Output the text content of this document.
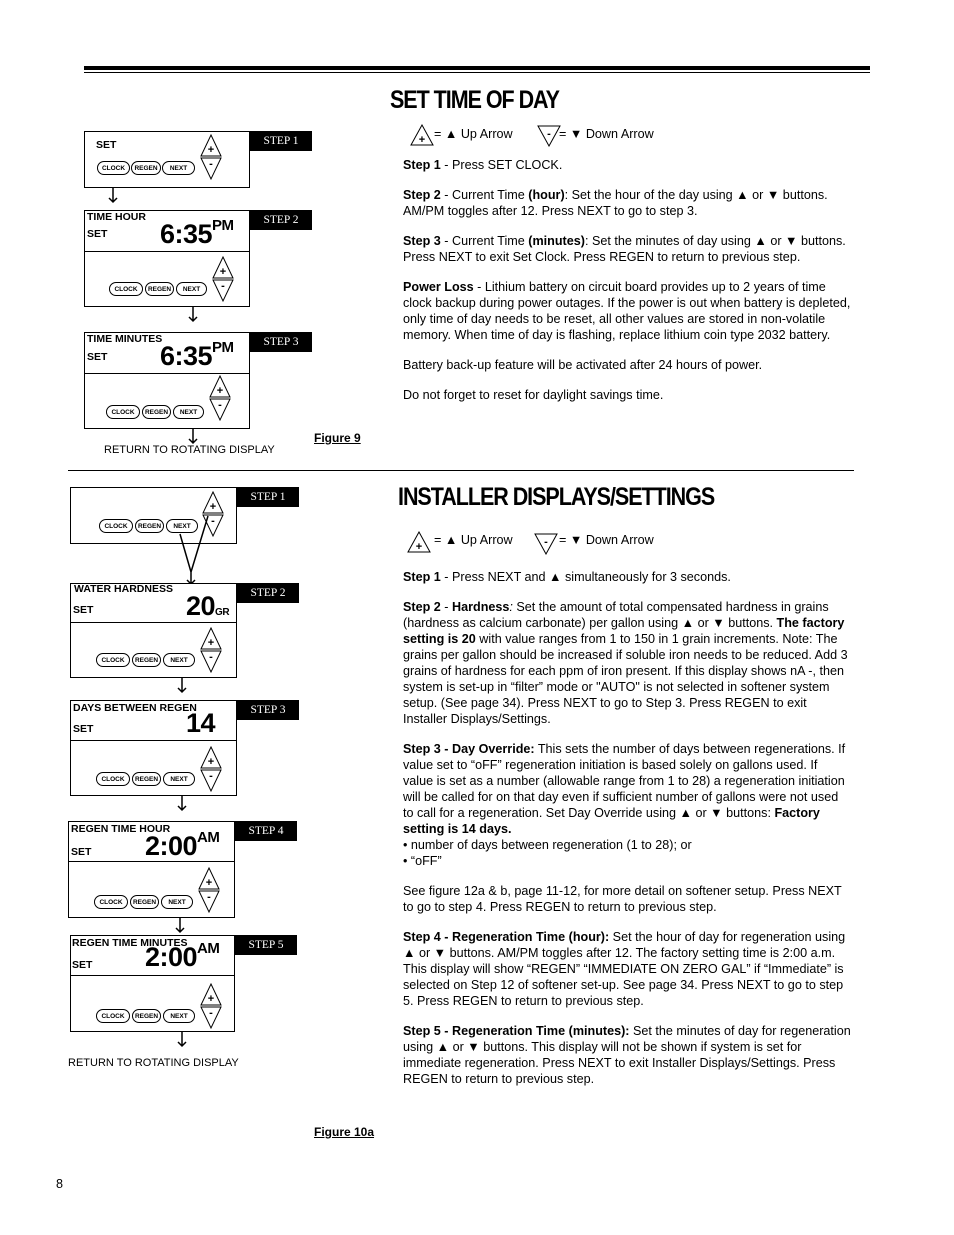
SET TIME OF DAY
+ = ▲ Up Arrow	- = ▼ Down Arrow

Step 1 - Press SET CLOCK.

Step 2 - Current Time (hour): Set the hour of the day using ▲ or ▼ buttons. AM/PM toggles after 12. Press NEXT to go to step 3.

Step 3 - Current Time (minutes): Set the minutes of day using ▲ or ▼ buttons. Press NEXT to exit Set Clock. Press REGEN to return to previous step.

Power Loss - Lithium battery on circuit board provides up to 2 years of time clock backup during power outages. If the power is out when battery is depleted, only time of day needs to be reset, all other values are stored in non-volatile memory. When time of day is flashing, replace lithium coin type 2032 battery.

Battery back-up feature will be activated after 24 hours of power.

Do not forget to reset for daylight savings time.

STEP 1
SET
CLOCK	REGEN	NEXT
+
-
STEP 2
TIME HOUR
SET $6:35^{PM}$
CLOCK	REGEN	NEXT
+
-
STEP 3
TIME MINUTES
SET $6:35^{PM}$
CLOCK	REGEN	NEXT
+
-
RETURN TO ROTATING DISPLAY
Figure 9
INSTALLER DISPLAYS/SETTINGS
+ = ▲ Up Arrow	- = ▼ Down Arrow

Step 1 - Press NEXT and ▲ simultaneously for 3 seconds.

Step 2 - Hardness: Set the amount of total compensated hardness in grains (hardness as calcium carbonate) per gallon using ▲ or ▼ buttons. The factory setting is 20 with value ranges from 1 to 150 in 1 grain increments. Note: The grains per gallon should be increased if soluble iron needs to be reduced. Add 3 grains of hardness for each ppm of iron present. If this display shows nA -, then system is set-up in “filter” mode or "AUTO" is not selected in softener system setup. (See page 34). Press NEXT to go to Step 3. Press REGEN to exit Installer Displays/Settings.

Step 3 - Day Override: This sets the number of days between regenerations. If value set to “oFF” regeneration initiation is based solely on gallons used. If value is set as a number (allowable range from 1 to 28) a regeneration initiation will be called for on that day even if sufficient number of gallons were not used to call for a regeneration. Set Day Override using ▲ or ▼ buttons: Factory setting is 14 days.
• number of days between regeneration (1 to 28); or
• “oFF”

See figure 12a & b, page 11-12, for more detail on softener setup. Press NEXT to go to step 4. Press REGEN to return to previous step.

Step 4 - Regeneration Time (hour): Set the hour of day for regeneration using ▲ or ▼ buttons. AM/PM toggles after 12. The factory setting time is 2:00 a.m. This display will show “REGEN” “IMMEDIATE ON ZERO GAL” if “Immediate” is selected on Step 12 of softener set-up. See page 34. Press NEXT to go to step 5. Press REGEN to return to previous step.

Step 5 - Regeneration Time (minutes): Set the minutes of day for regeneration using ▲ or ▼ buttons. This display will not be shown if system is set for immediate regeneration. Press NEXT to exit Installer Displays/Settings. Press REGEN to return to previous step.

STEP 1
CLOCK	REGEN	NEXT
+
-
STEP 2
WATER HARDNESS
SET	20GR
CLOCK	REGEN	NEXT
+
-
STEP 3
DAYS BETWEEN REGEN
SET	14
CLOCK	REGEN	NEXT
+
-
STEP 4
REGEN TIME HOUR
SET $2:00^{AM}$
CLOCK	REGEN	NEXT
+
-
STEP 5
REGEN TIME MINUTES
SET $2:00^{AM}$
CLOCK	REGEN	NEXT
+
-
RETURN TO ROTATING DISPLAY
Figure 10a
8
